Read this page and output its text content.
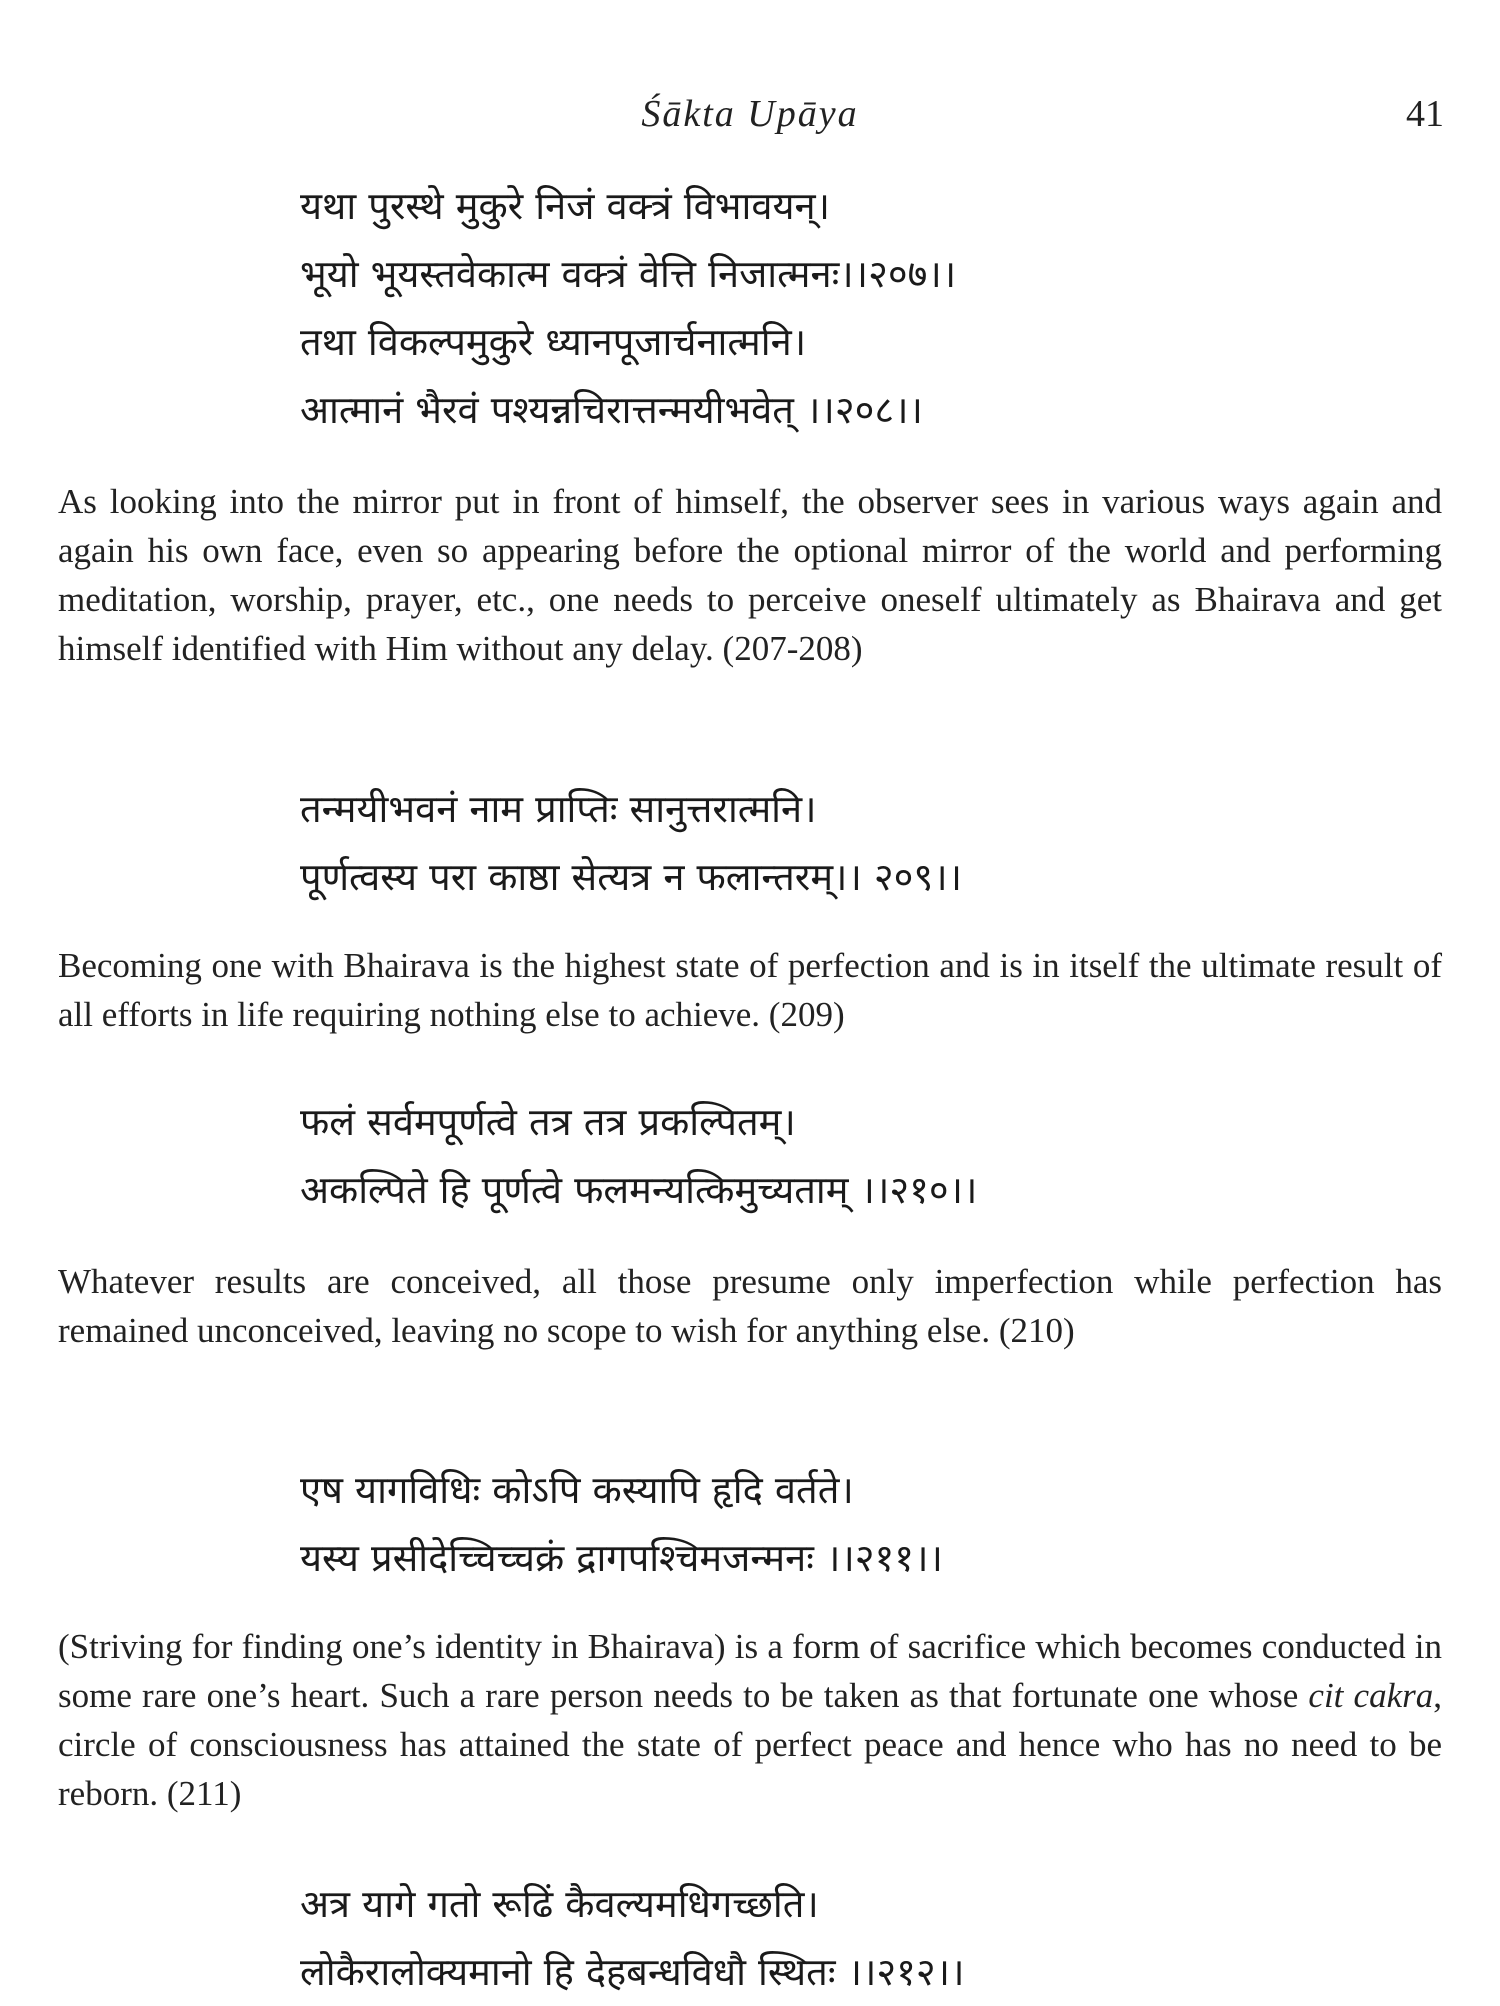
Śākta Upāya	41
यथा पुरस्थे मुकुरे निजं वक्त्रं विभावयन्।
भूयो भूयस्तवेकात्म वक्त्रं वेत्ति निजात्मनः।।२०७।।
तथा विकल्पमुकुरे ध्यानपूजार्चनात्मनि।
आत्मानं भैरवं पश्यन्नचिरात्तन्मयीभवेत् ।।२०८।।

As looking into the mirror put in front of himself, the observer sees in various ways again and again his own face, even so appearing before the optional mirror of the world and performing meditation, worship, prayer, etc., one needs to perceive oneself ultimately as Bhairava and get himself identified with Him without any delay. (207-208)

तन्मयीभवनं नाम प्राप्तिः सानुत्तरात्मनि।
पूर्णत्वस्य परा काष्ठा सेत्यत्र न फलान्तरम्।। २०९।।

Becoming one with Bhairava is the highest state of perfection and is in itself the ultimate result of all efforts in life requiring nothing else to achieve. (209)

फलं सर्वमपूर्णत्वे तत्र तत्र प्रकल्पितम्।
अकल्पिते हि पूर्णत्वे फलमन्यत्किमुच्यताम् ।।२१०।।

Whatever results are conceived, all those presume only imperfection while perfection has remained unconceived, leaving no scope to wish for anything else. (210)

एष यागविधिः कोऽपि कस्यापि हृदि वर्तते।
यस्य प्रसीदेच्चिच्चक्रं द्रागपश्चिमजन्मनः ।।२११।।

(Striving for finding one’s identity in Bhairava) is a form of sacrifice which becomes conducted in some rare one’s heart. Such a rare person needs to be taken as that fortunate one whose cit cakra, circle of consciousness has attained the state of perfect peace and hence who has no need to be reborn. (211)

अत्र यागे गतो रूढिं कैवल्यमधिगच्छति।
लोकैरालोक्यमानो हि देहबन्धविधौ स्थितः ।।२१२।।
